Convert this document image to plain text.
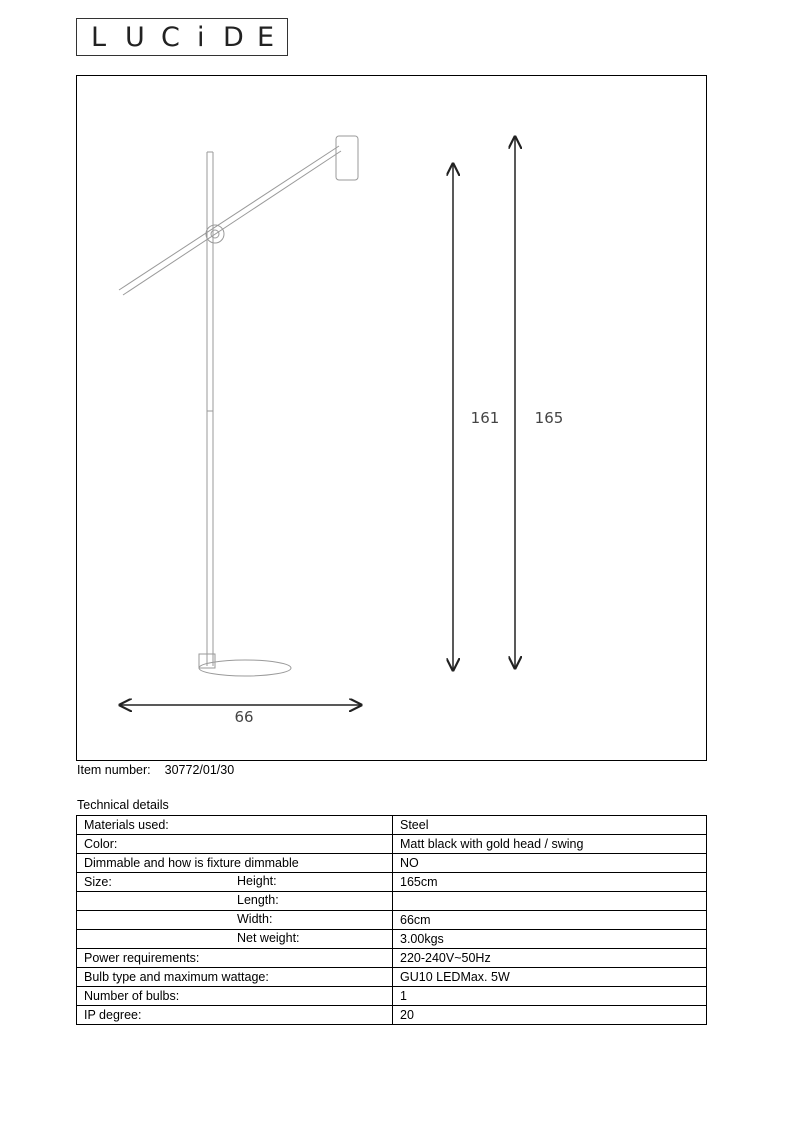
L U C i D E
161 165
66
Item number: 30772/01/30
Technical details
Materials used:	Steel
Color:	Matt black with gold head / swing
Dimmable and how is fixture dimmable	NO
Size: Height:	165cm

Length:	

Width:	66cm

Net weight:	3.00kgs
Power requirements:	220-240V~50Hz
Bulb type and maximum wattage:	GU10 LEDMax. 5W
Number of bulbs:	1
IP degree:	20
